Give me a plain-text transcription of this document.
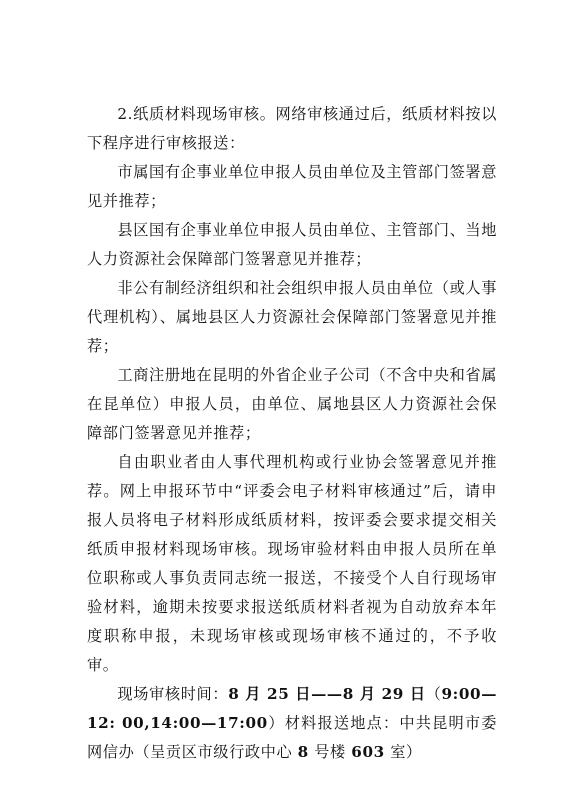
2.纸质材料现场审核。网络审核通过后，纸质材料按以下程序进行审核报送：

市属国有企事业单位申报人员由单位及主管部门签署意见并推荐；

县区国有企事业单位申报人员由单位、主管部门、当地人力资源社会保障部门签署意见并推荐；

非公有制经济组织和社会组织申报人员由单位（或人事代理机构）、属地县区人力资源社会保障部门签署意见并推荐；

工商注册地在昆明的外省企业子公司（不含中央和省属在昆单位）申报人员，由单位、属地县区人力资源社会保障部门签署意见并推荐；

自由职业者由人事代理机构或行业协会签署意见并推荐。网上申报环节中“评委会电子材料审核通过”后，请申报人员将电子材料形成纸质材料，按评委会要求提交相关纸质申报材料现场审核。现场审验材料由申报人员所在单位职称或人事负责同志统一报送，不接受个人自行现场审验材料，逾期未按要求报送纸质材料者视为自动放弃本年度职称申报，未现场审核或现场审核不通过的，不予收审。

现场审核时间：8 月 25 日——8 月 29 日（9:00—12: 00,14:00—17:00）材料报送地点：中共昆明市委网信办（呈贡区市级行政中心 8 号楼 603 室）
